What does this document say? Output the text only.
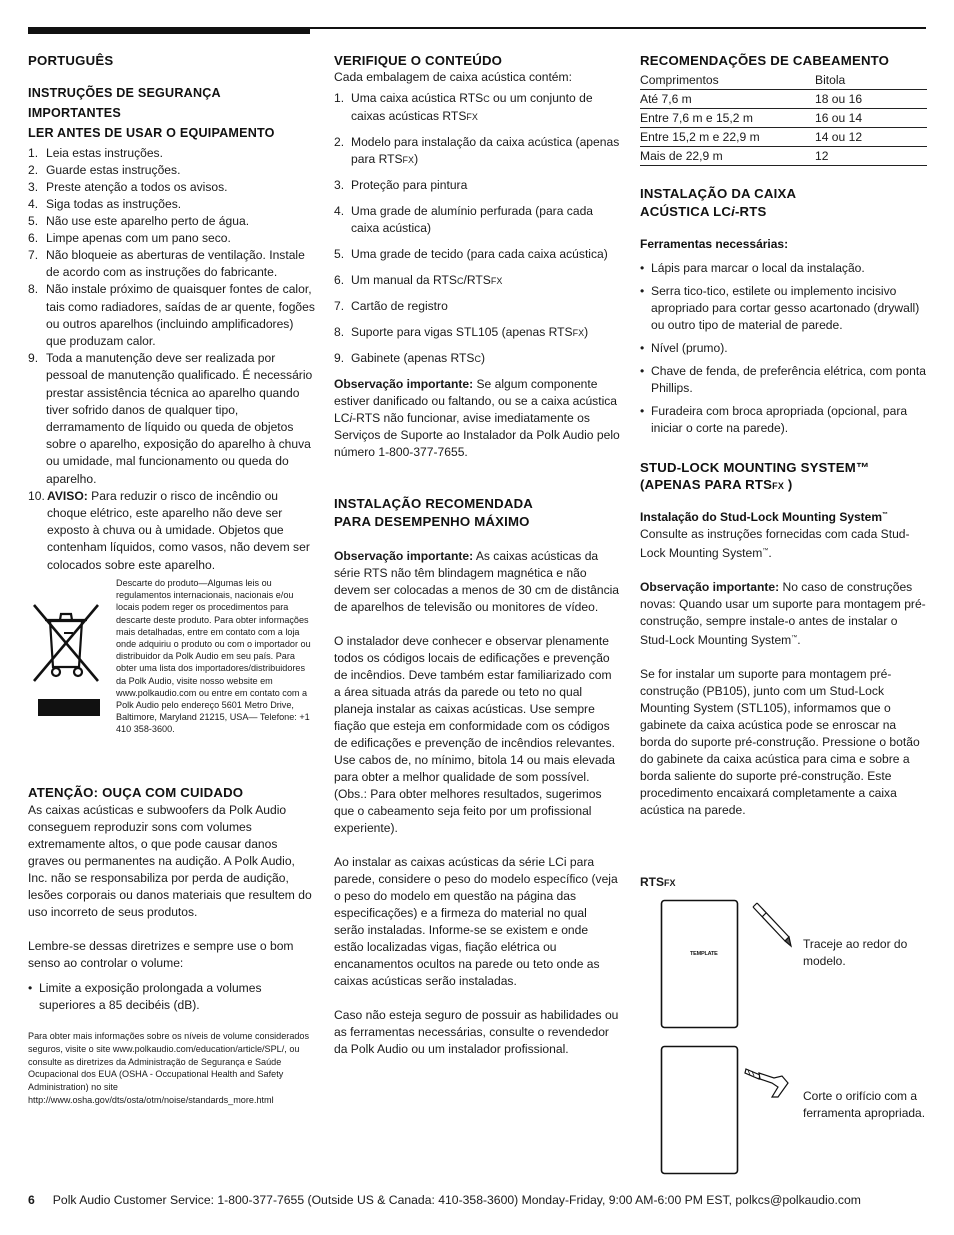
PORTUGUÊS
INSTRUÇÕES DE SEGURANÇA IMPORTANTES
LER ANTES DE USAR O EQUIPAMENTO
1. Leia estas instruções.
2. Guarde estas instruções.
3. Preste atenção a todos os avisos.
4. Siga todas as instruções.
5. Não use este aparelho perto de água.
6. Limpe apenas com um pano seco.
7. Não bloqueie as aberturas de ventilação. Instale de acordo com as instruções do fabricante.
8. Não instale próximo de quaisquer fontes de calor, tais como radiadores, saídas de ar quente, fogões ou outros aparelhos (incluindo amplificadores) que produzam calor.
9. Toda a manutenção deve ser realizada por pessoal de manutenção qualificado. É necessário prestar assistência técnica ao aparelho quando tiver sofrido danos de qualquer tipo, derramamento de líquido ou queda de objetos sobre o aparelho, exposição do aparelho à chuva ou umidade, mal funcionamento ou queda do aparelho.
10. AVISO: Para reduzir o risco de incêndio ou choque elétrico, este aparelho não deve ser exposto à chuva ou à umidade. Objetos que contenham líquidos, como vasos, não devem ser colocados sobre este aparelho.
Descarte do produto—Algumas leis ou regulamentos internacionais, nacionais e/ou locais podem reger os procedimentos para descarte deste produto. Para obter informações mais detalhadas, entre em contato com a loja onde adquiriu o produto ou com o importador ou distribuidor da Polk Audio em seu país. Para obter uma lista dos importadores/distribuidores da Polk Audio, visite nosso website em www.polkaudio.com ou entre em contato com a Polk Audio pelo endereço 5601 Metro Drive, Baltimore, Maryland 21215, USA— Telefone: +1 410 358-3600.
ATENÇÃO: OUÇA COM CUIDADO

As caixas acústicas e subwoofers da Polk Audio conseguem reproduzir sons com volumes extremamente altos, o que pode causar danos graves ou permanentes na audição. A Polk Audio, Inc. não se responsabiliza por perda de audição, lesões corporais ou danos materiais que resultem do uso incorreto de seus produtos.

Lembre-se dessas diretrizes e sempre use o bom senso ao controlar o volume:

• Limite a exposição prolongada a volumes superiores a 85 decibéis (dB).

Para obter mais informações sobre os níveis de volume considerados seguros, visite o site www.polkaudio.com/education/article/SPL/, ou consulte as diretrizes da Administração de Segurança e Saúde Ocupacional dos EUA (OSHA - Occupational Health and Safety Administration) no site http://www.osha.gov/dts/osta/otm/noise/standards_more.html

VERIFIQUE O CONTEÚDO

Cada embalagem de caixa acústica contém:

1. Uma caixa acústica RTSC ou um conjunto de caixas acústicas RTSFX
2. Modelo para instalação da caixa acústica (apenas para RTSFX)
3. Proteção para pintura
4. Uma grade de alumínio perfurada (para cada caixa acústica)
5. Uma grade de tecido (para cada caixa acústica)
6. Um manual da RTSC/RTSFX
7. Cartão de registro
8. Suporte para vigas STL105 (apenas RTSFX)
9. Gabinete (apenas RTSC)

Observação importante: Se algum componente estiver danificado ou faltando, ou se a caixa acústica LCi-RTS não funcionar, avise imediatamente os Serviços de Suporte ao Instalador da Polk Audio pelo número 1-800-377-7655.

INSTALAÇÃO RECOMENDADA
PARA DESEMPENHO MÁXIMO

Observação importante: As caixas acústicas da série RTS não têm blindagem magnética e não devem ser colocadas a menos de 30 cm de distância de aparelhos de televisão ou monitores de vídeo.

O instalador deve conhecer e observar plenamente todos os códigos locais de edificações e prevenção de incêndios. Deve também estar familiarizado com a área situada atrás da parede ou teto no qual planeja instalar as caixas acústicas. Use sempre fiação que esteja em conformidade com os códigos de edificações e prevenção de incêndios relevantes. Use cabos de, no mínimo, bitola 14 ou mais elevada para obter a melhor qualidade de som possível. (Obs.: Para obter melhores resultados, sugerimos que o cabeamento seja feito por um profissional experiente).

Ao instalar as caixas acústicas da série LCi para parede, considere o peso do modelo específico (veja o peso do modelo em questão na página das especificações) e a firmeza do material no qual serão instaladas. Informe-se se existem e onde estão localizadas vigas, fiação elétrica ou encanamentos ocultos na parede ou teto onde as caixas acústicas serão instaladas.

Caso não esteja seguro de possuir as habilidades ou as ferramentas necessárias, consulte o revendedor da Polk Audio ou um instalador profissional.

RECOMENDAÇÕES DE CABEAMENTO
Comprimentos	Bitola
Até 7,6 m	18 ou 16
Entre 7,6 m e 15,2 m	16 ou 14
Entre 15,2 m e 22,9 m	14 ou 12
Mais de 22,9 m	12
INSTALAÇÃO DA CAIXA
ACÚSTICA LCi-RTS
Ferramentas necessárias:
• Lápis para marcar o local da instalação.
• Serra tico-tico, estilete ou implemento incisivo apropriado para cortar gesso acartonado (drywall) ou outro tipo de material de parede.
• Nível (prumo).
• Chave de fenda, de preferência elétrica, com ponta Phillips.
• Furadeira com broca apropriada (opcional, para iniciar o corte na parede).
STUD-LOCK MOUNTING SYSTEM™
(APENAS PARA RTSFX )
Instalação do Stud-Lock Mounting System™

Consulte as instruções fornecidas com cada Stud-Lock Mounting System™.

Observação importante: No caso de construções novas: Quando usar um suporte para montagem pré-construção, sempre instale-o antes de instalar o Stud-Lock Mounting System™.

Se for instalar um suporte para montagem pré-construção (PB105), junto com um Stud-Lock Mounting System (STL105), informamos que o gabinete da caixa acústica pode se enroscar na borda do suporte pré-construção. Pressione o botão do gabinete da caixa acústica para cima e sobre a borda saliente do suporte pré-construção. Este procedimento encaixará completamente a caixa acústica na parede.

RTSFX
TEMPLATE
Traceje ao redor do modelo.
Corte o orifício com a ferramenta apropriada.
6 Polk Audio Customer Service: 1-800-377-7655 (Outside US & Canada: 410-358-3600) Monday-Friday, 9:00 AM-6:00 PM EST, polkcs@polkaudio.com
